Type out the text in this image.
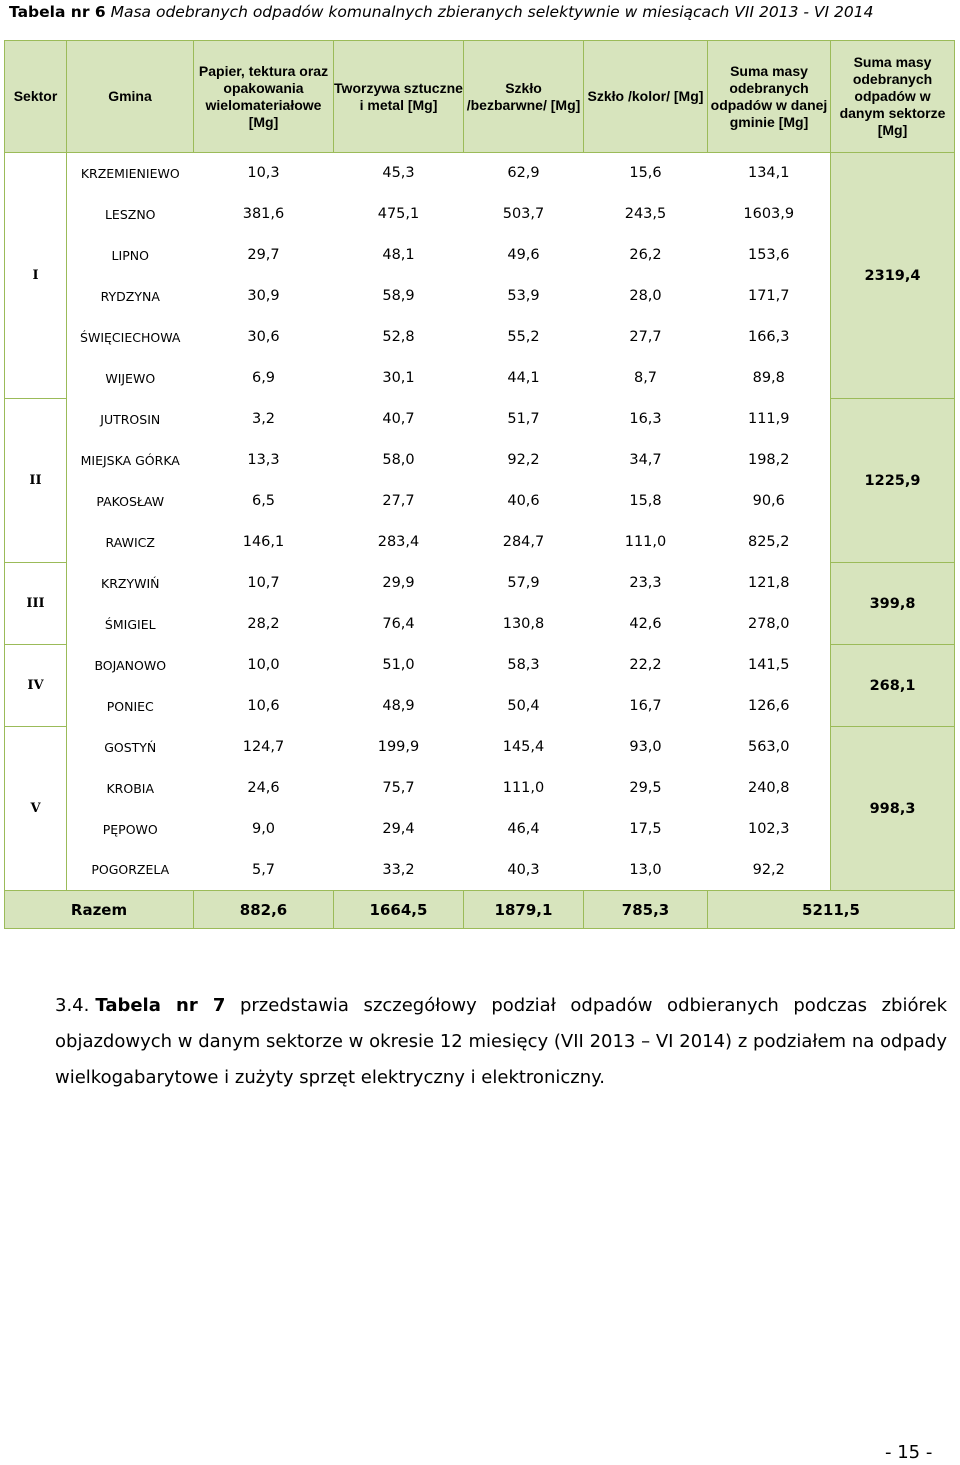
Tabela nr 6 Masa odebranych odpadów komunalnych zbieranych selektywnie w miesiącach VII 2013 - VI 2014
Sektor	Gmina	Papier, tektura oraz opakowania wielomateriałowe [Mg]	Tworzywa sztuczne i metal [Mg]	Szkło /bezbarwne/ [Mg]	Szkło /kolor/ [Mg]	Suma masy odebranych odpadów w danej gminie [Mg]	Suma masy odebranych odpadów w danym sektorze [Mg]
I	KRZEMIENIEWO	10,3	45,3	62,9	15,6	134,1	2319,4
	LESZNO	381,6	475,1	503,7	243,5	1603,9	
	LIPNO	29,7	48,1	49,6	26,2	153,6	
	RYDZYNA	30,9	58,9	53,9	28,0	171,7	
	ŚWIĘCIECHOWA	30,6	52,8	55,2	27,7	166,3	
	WIJEWO	6,9	30,1	44,1	8,7	89,8	
II	JUTROSIN	3,2	40,7	51,7	16,3	111,9	1225,9
	MIEJSKA GÓRKA	13,3	58,0	92,2	34,7	198,2	
	PAKOSŁAW	6,5	27,7	40,6	15,8	90,6	
	RAWICZ	146,1	283,4	284,7	111,0	825,2	
III	KRZYWIŃ	10,7	29,9	57,9	23,3	121,8	399,8
	ŚMIGIEL	28,2	76,4	130,8	42,6	278,0	
IV	BOJANOWO	10,0	51,0	58,3	22,2	141,5	268,1
	PONIEC	10,6	48,9	50,4	16,7	126,6	
V	GOSTYŃ	124,7	199,9	145,4	93,0	563,0	998,3
	KROBIA	24,6	75,7	111,0	29,5	240,8	
	PĘPOWO	9,0	29,4	46,4	17,5	102,3	
	POGORZELA	5,7	33,2	40,3	13,0	92,2	
Razem		882,6	1664,5	1879,1	785,3	5211,5	
3.4. Tabela nr 7 przedstawia szczegółowy podział odpadów odbieranych podczas zbiórek objazdowych w danym sektorze w okresie 12 miesięcy (VII 2013 – VI 2014) z podziałem na odpady wielkogabarytowe i zużyty sprzęt elektryczny i elektroniczny.
- 15 -
